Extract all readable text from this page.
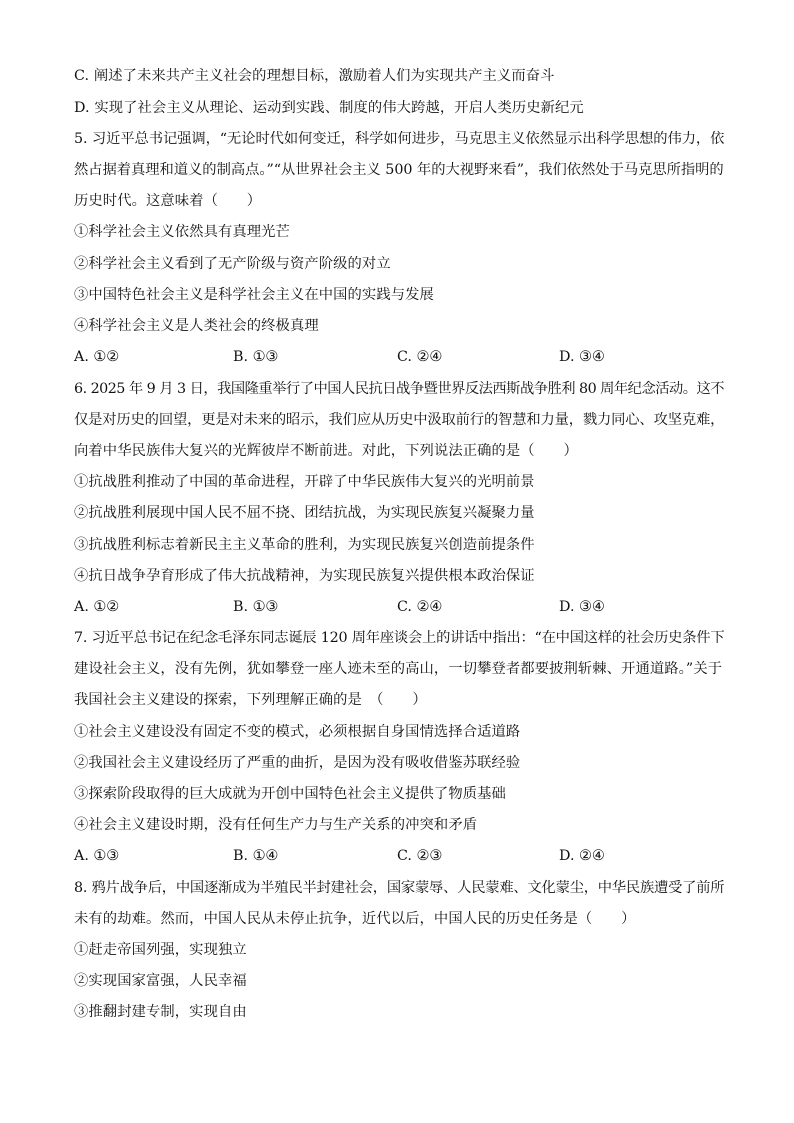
C. 阐述了未来共产主义社会的理想目标，激励着人们为实现共产主义而奋斗
D. 实现了社会主义从理论、运动到实践、制度的伟大跨越，开启人类历史新纪元
5. 习近平总书记强调，“无论时代如何变迁，科学如何进步，马克思主义依然显示出科学思想的伟力，依
然占据着真理和道义的制高点。”“从世界社会主义 500 年的大视野来看”，我们依然处于马克思所指明的
历史时代。这意味着（　　）
①科学社会主义依然具有真理光芒
②科学社会主义看到了无产阶级与资产阶级的对立
③中国特色社会主义是科学社会主义在中国的实践与发展
④科学社会主义是人类社会的终极真理
A. ①②	B. ①③	C. ②④	D. ③④
6. 2025 年 9 月 3 日，我国隆重举行了中国人民抗日战争暨世界反法西斯战争胜利 80 周年纪念活动。这不
仅是对历史的回望，更是对未来的昭示，我们应从历史中汲取前行的智慧和力量，戮力同心、攻坚克难，
向着中华民族伟大复兴的光辉彼岸不断前进。对此，下列说法正确的是（　　）
①抗战胜利推动了中国的革命进程，开辟了中华民族伟大复兴的光明前景
②抗战胜利展现中国人民不屈不挠、团结抗战，为实现民族复兴凝聚力量
③抗战胜利标志着新民主主义革命的胜利，为实现民族复兴创造前提条件
④抗日战争孕育形成了伟大抗战精神，为实现民族复兴提供根本政治保证
A. ①②	B. ①③	C. ②④	D. ③④
7. 习近平总书记在纪念毛泽东同志诞辰 120 周年座谈会上的讲话中指出：“在中国这样的社会历史条件下
建设社会主义，没有先例，犹如攀登一座人迹未至的高山，一切攀登者都要披荆斩棘、开通道路。”关于
我国社会主义建设的探索，下列理解正确的是　（　　）
①社会主义建设没有固定不变的模式，必须根据自身国情选择合适道路
②我国社会主义建设经历了严重的曲折，是因为没有吸收借鉴苏联经验
③探索阶段取得的巨大成就为开创中国特色社会主义提供了物质基础
④社会主义建设时期，没有任何生产力与生产关系的冲突和矛盾
A. ①③	B. ①④	C. ②③	D. ②④
8. 鸦片战争后，中国逐渐成为半殖民半封建社会，国家蒙辱、人民蒙难、文化蒙尘，中华民族遭受了前所
未有的劫难。然而，中国人民从未停止抗争，近代以后，中国人民的历史任务是（　　）
①赶走帝国列强，实现独立
②实现国家富强，人民幸福
③推翻封建专制，实现自由
